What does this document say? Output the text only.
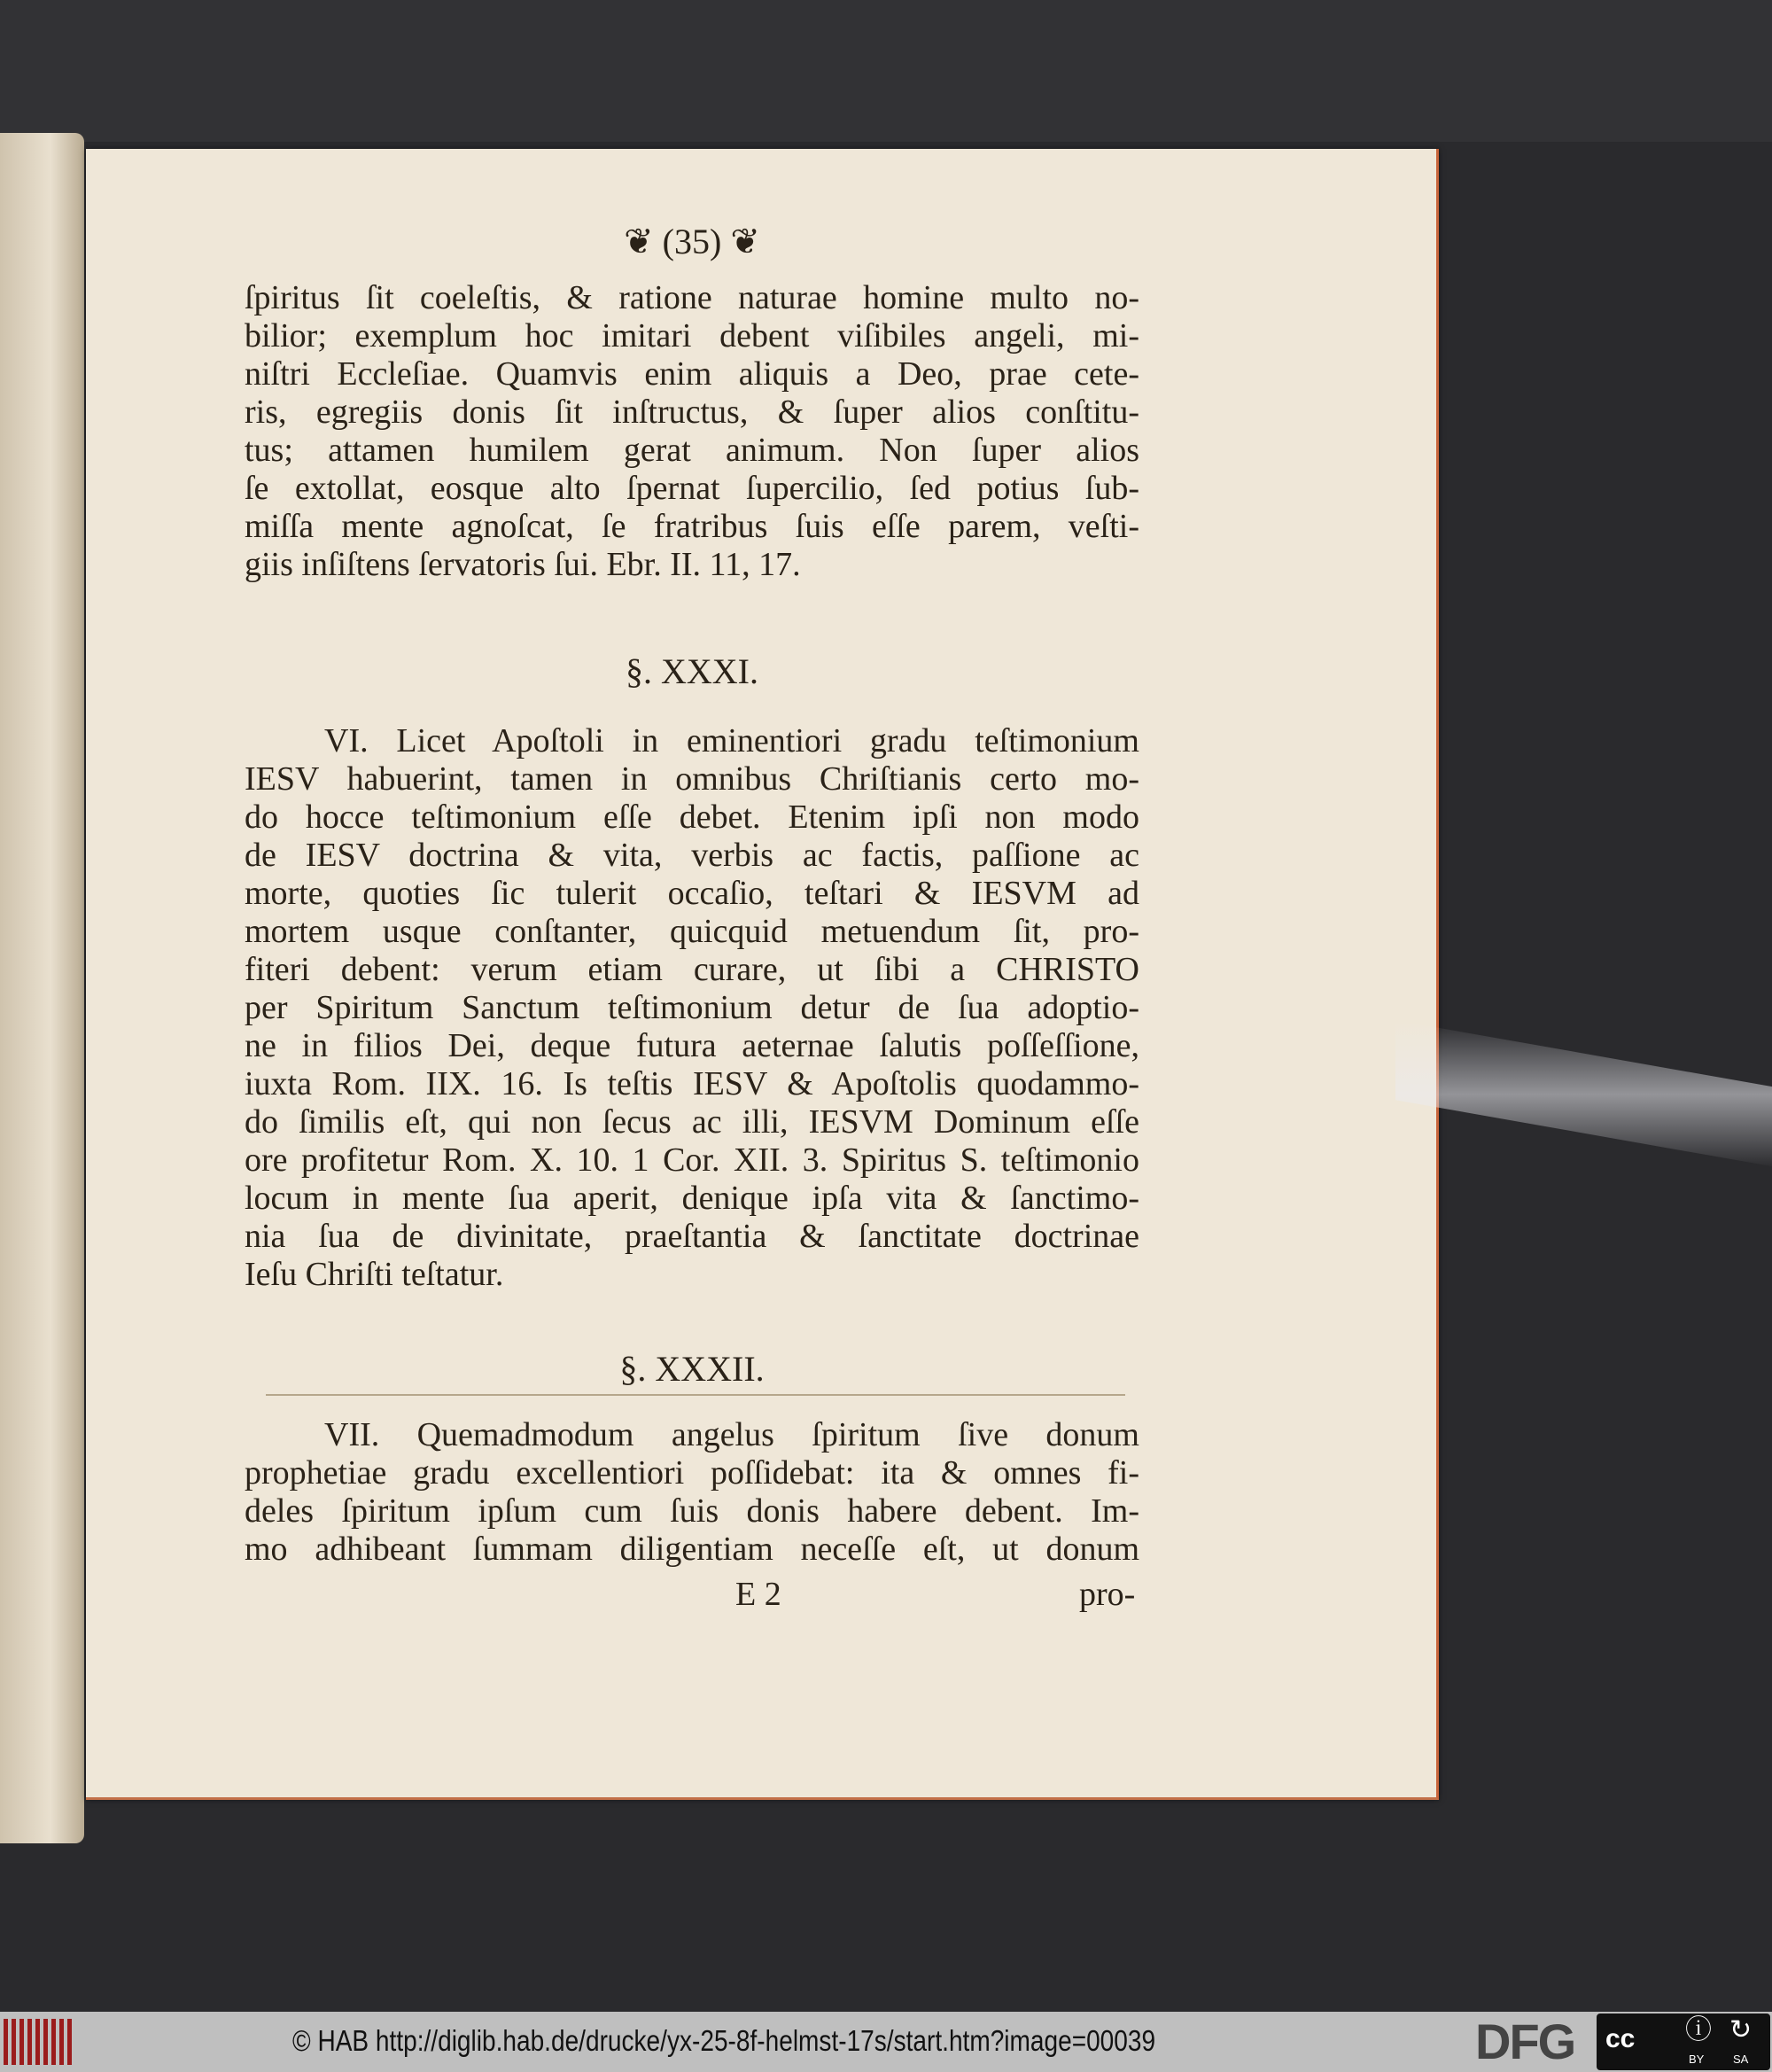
❦ (35) ❦
ſpiritus ſit coeleſtis, & ratione naturae homine multo no-
bilior; exemplum hoc imitari debent viſibiles angeli, mi-
niſtri Eccleſiae. Quamvis enim aliquis a Deo, prae cete-
ris, egregiis donis ſit inſtructus, & ſuper alios conſtitu-
tus; attamen humilem gerat animum. Non ſuper alios
ſe extollat, eosque alto ſpernat ſupercilio, ſed potius ſub-
miſſa mente agnoſcat, ſe fratribus ſuis eſſe parem, veſti-
giis inſiſtens ſervatoris ſui. Ebr. II. 11, 17.
§. XXXI.
VI. Licet Apoſtoli in eminentiori gradu teſtimonium
IESV habuerint, tamen in omnibus Chriſtianis certo mo-
do hocce teſtimonium eſſe debet. Etenim ipſi non modo
de IESV doctrina & vita, verbis ac factis, paſſione ac
morte, quoties ſic tulerit occaſio, teſtari & IESVM ad
mortem usque conſtanter, quicquid metuendum ſit, pro-
fiteri debent: verum etiam curare, ut ſibi a CHRISTO
per Spiritum Sanctum teſtimonium detur de ſua adoptio-
ne in filios Dei, deque futura aeternae ſalutis poſſeſſione,
iuxta Rom. IIX. 16. Is teſtis IESV & Apoſtolis quodammo-
do ſimilis eſt, qui non ſecus ac illi, IESVM Dominum eſſe
ore profitetur Rom. X. 10. 1 Cor. XII. 3. Spiritus S. teſtimonio
locum in mente ſua aperit, denique ipſa vita & ſanctimo-
nia ſua de divinitate, praeſtantia & ſanctitate doctrinae
Ieſu Chriſti teſtatur.
§. XXXII.
VII. Quemadmodum angelus ſpiritum ſive donum
prophetiae gradu excellentiori poſſidebat: ita & omnes fi-
deles ſpiritum ipſum cum ſuis donis habere debent. Im-
mo adhibeant ſummam diligentiam neceſſe eſt, ut donum
E 2	pro-
© HAB http://diglib.hab.de/drucke/yx-25-8f-helmst-17s/start.htm?image=00039	DFG cc ⓘ ↻
BY	SA
